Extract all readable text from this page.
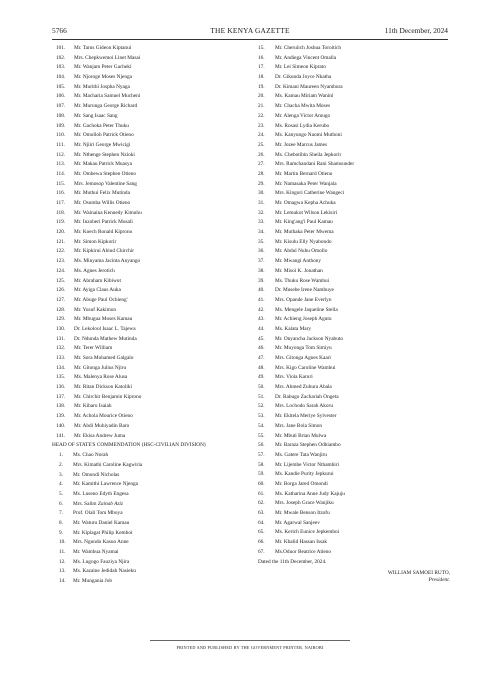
5766	THE KENYA GAZETTE	11th December, 2024
101.	Mr. Tarus Gideon Kiptanui
102.	Mrs. Chepkwemoi Linet Masai
103.	Mr. Wanjam Peter Gacheki
104.	Mr. Njoroge Moses Njenga
105.	Mr. Murithi Jospha Nyaga
106.	Mr. Macharia Samuel Mucheni
107.	Mr. Murunga George Richard
108.	Mr. Sang Isaac Sang
109.	Mr. Gachoka Peter Thuku
110.	Mr. Omolloh Patrick Otieno
111.	Mr. Njiiri George Mwicigi
112.	Mr. Nthenge Stephen Nzioki
113.	Mr. Makau Patrick Muasya
114.	Mr. Ombewa Stephen Otieno
115.	Mrs. Jemosop Valentine Sang
116.	Mr. Muthui Felix Mutinda
117.	Mr. Osumba Willis Otieno
118.	Mr. Wainaina Kennedy Kimuhu
119.	Mr. Inzoberi Patrick Musali
120.	Mr. Koech Ronald Kiprono
121.	Mr. Simon Kipkorir
122.	Mr. Kipkirui Abiud Chirchir
123.	Ms. Minyama Jacinta Anyango
124.	Ms. Agnes Jerotich
125.	Mr. Abraham Kibiwot
126.	Mr. Ayiga Claus Auka
127.	Mr. Abuge Paul Ochieng'
128.	Mr. Yusuf Kakimon
129.	Mr. Mbugua Moses Kamau
130.	Dr. Lekolool Isaac L. Tajewa
131.	Dr. Ndunda Mathew Mutinda
132.	Mr. Terer William
133.	Mr. Sora Mohamed Galgalo
134.	Mr. Gitonga Julius Njiru
135.	Ms. Malenya Rose Alusa
136.	Mr. Ritan Dickson Katoliki
137.	Mr. Chirchir Benjamin Kiprono
138.	Mr. Kibaru Isaiah
139.	Mr. Achola Mourice Otieno
140.	Mr. Abdi Muhiyadin Baro
141.	Mr. Ekisa Andrew Juma
HEAD OF STATE'S COMMENDATION (HSC-CIVILIAN DIVISION)
1.	Ms. Chao Norah
2.	Mrs. Kimathi Caroline Kagwiria
3.	Mr. Omondi Nicholas
4.	Mr. Kamithi Lawrence Njenga
5.	Ms. Luseno Edyth Engesa
6.	Mrs. Salim Zainab Aziz
7.	Prof. Olali Tom Mboya
8.	Mr. Waturu Daniel Kamau
9.	Mr. Kiplagat Philip Kemboi
10.	Mrs. Ngundo Kasuo Anne
11.	Mr. Wambua Nyamai
12.	Ms. Lugogo Fauziya Njira
13.	Ms. Kazaine Jedidah Nasieku
14.	Mr. Mungania Job
15.	Mr. Cheruiich Joshua Toroitich
16.	Mr. Andiega Vincent Omalla
17.	Mr. Lei Simeon Kiprato
18.	Dr. Gikunda Joyce Nkatha
19.	Dr. Kimani Maureen Nyambura
20.	Ms. Kamau Miriam Wanini
21.	Mr. Chacha Mwita Moses
22.	Mr. Alenga Victor Amugo
23.	Ms. Rosasi Lydia Kerubo
24.	Ms. Kanyungo Naomi Muthoni
25.	Mr. Jozee Marcus James
26.	Ms. Chebotibin Sheila Jepkorir
27.	Mrs. Ramchandani Rani Shamsunder
28.	Mr. Martin Bernard Otieno
29.	Mr. Namasaka Peter Wanjala
30.	Mrs. Kingori Catherine Wangeci
31.	Mr. Omagwa Kepha Achuka
32.	Mr. Lemukut Wilson Lekisiri
33.	Mr. King'ang'i Paul Kamau
34.	Mr. Muthaka Peter Mwema
35.	Mr. Kisulu Elly Nyabondo
36.	Mr. Abdul Nuhu Omollo
37.	Mr. Mwangi Anthony
38.	Mr. Misoi K. Jonathan
39.	Ms. Thuku Rose Wambui
40.	Dr. Musebe Irene Nambuye
41.	Mrs. Opande Jane Everlyn
42.	Ms. Mengele Jaqueline Stella
43.	Mr. Achieng Joseph Agutu
44.	Ms. Kalata Mary
45.	Mr. Onyancha Jackson Nyabuto
46.	Mr. Muyonga Tom Simiyu
47.	Mrs. Gitonga Agnes Kaari
48.	Mrs. Kigo Caroline Wambui
49.	Mrs. Viola Karuri
50.	Mrs. Ahmed Zuhura Abala
51.	Dr. Rabugo Zachariah Ongeta
52.	Mrs. Lochodo Sarah Akoru
53.	Mr. Ekitela Meriye Sylvester
54.	Mrs. Jane Bola Simon
55.	Mr. Mbuti Brian Mulwa
56.	Mr. Baraza Stephen Odhiambo
57.	Ms. Gatere Tata Wanjiru
58.	Mr. Lijembe Victor Nthambiri
59.	Ms. Kandie Purity Jepkurui
60.	Mr. Borga Jared Omondi
61.	Ms. Katharina Anne Judy Kajuju
62.	Mrs. Joseph Grace Wanjiku
63.	Mr. Mwale Benson Itzofu
64.	Mr. Agarwal Sanjeev
65.	Ms. Kerich Eunice Jepkemboi
66.	Mr. Khalid Hassan Issak
67.	Ms.Oduor Beatrice Atieno
Dated the 11th December, 2024.
WILLIAM SAMOEI RUTO,
President.
PRINTED AND PUBLISHED BY THE GOVERNMENT PRINTER, NAIROBI
